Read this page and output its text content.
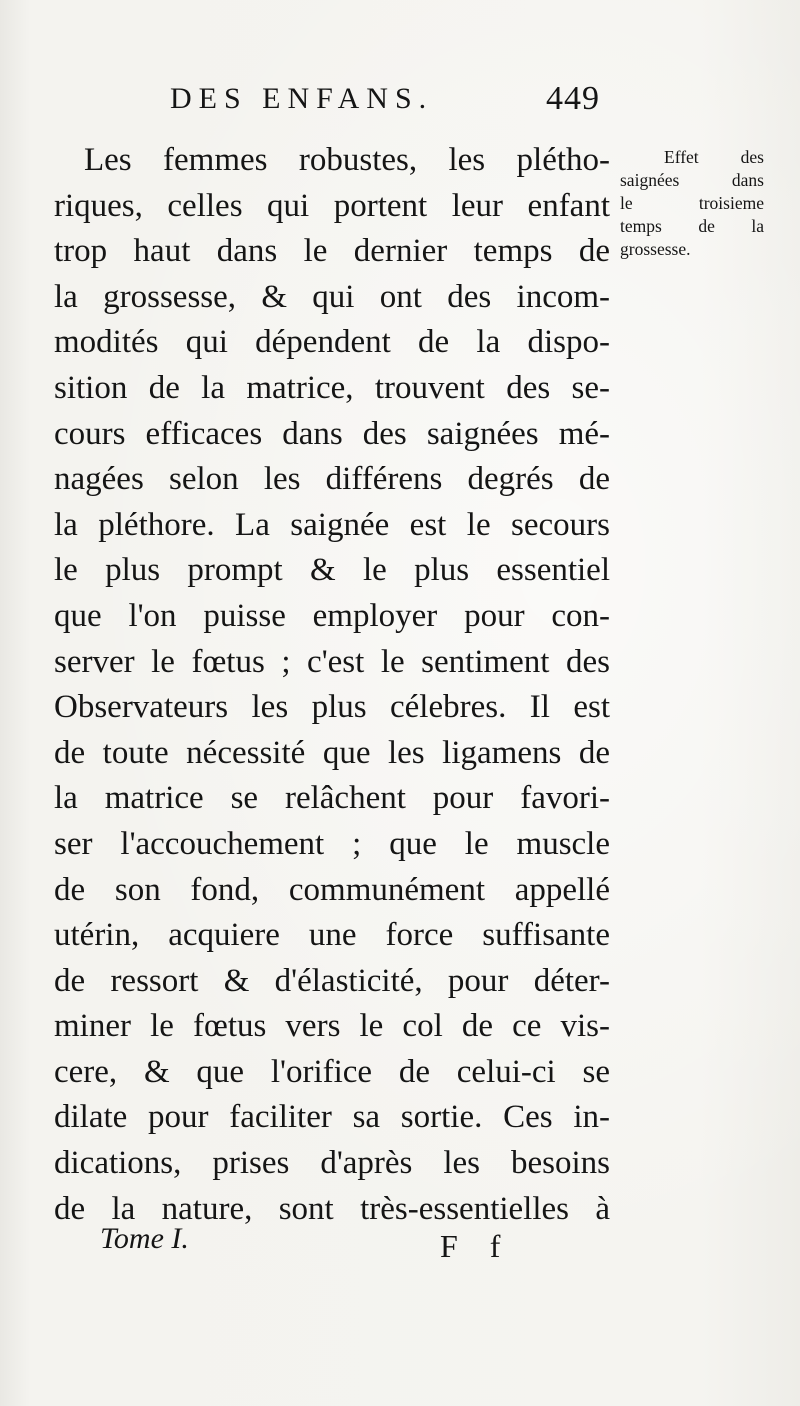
DES ENFANS.	449
Les femmes robustes, les plétho-
riques, celles qui portent leur enfant
trop haut dans le dernier temps de
la grossesse, & qui ont des incom-
modités qui dépendent de la dispo-
sition de la matrice, trouvent des se-
cours efficaces dans des saignées mé-
nagées selon les différens degrés de
la pléthore. La saignée est le secours
le plus prompt & le plus essentiel
que l'on puisse employer pour con-
server le fœtus ; c'est le sentiment des
Observateurs les plus célebres. Il est
de toute nécessité que les ligamens de
la matrice se relâchent pour favori-
ser l'accouchement ; que le muscle
de son fond, communément appellé
utérin, acquiere une force suffisante
de ressort & d'élasticité, pour déter-
miner le fœtus vers le col de ce vis-
cere, & que l'orifice de celui-ci se
dilate pour faciliter sa sortie. Ces in-
dications, prises d'après les besoins
de la nature, sont très-essentielles à
Effet des
saignées dans
le troisieme
temps de la
grossesse.
Tome I.	F f
